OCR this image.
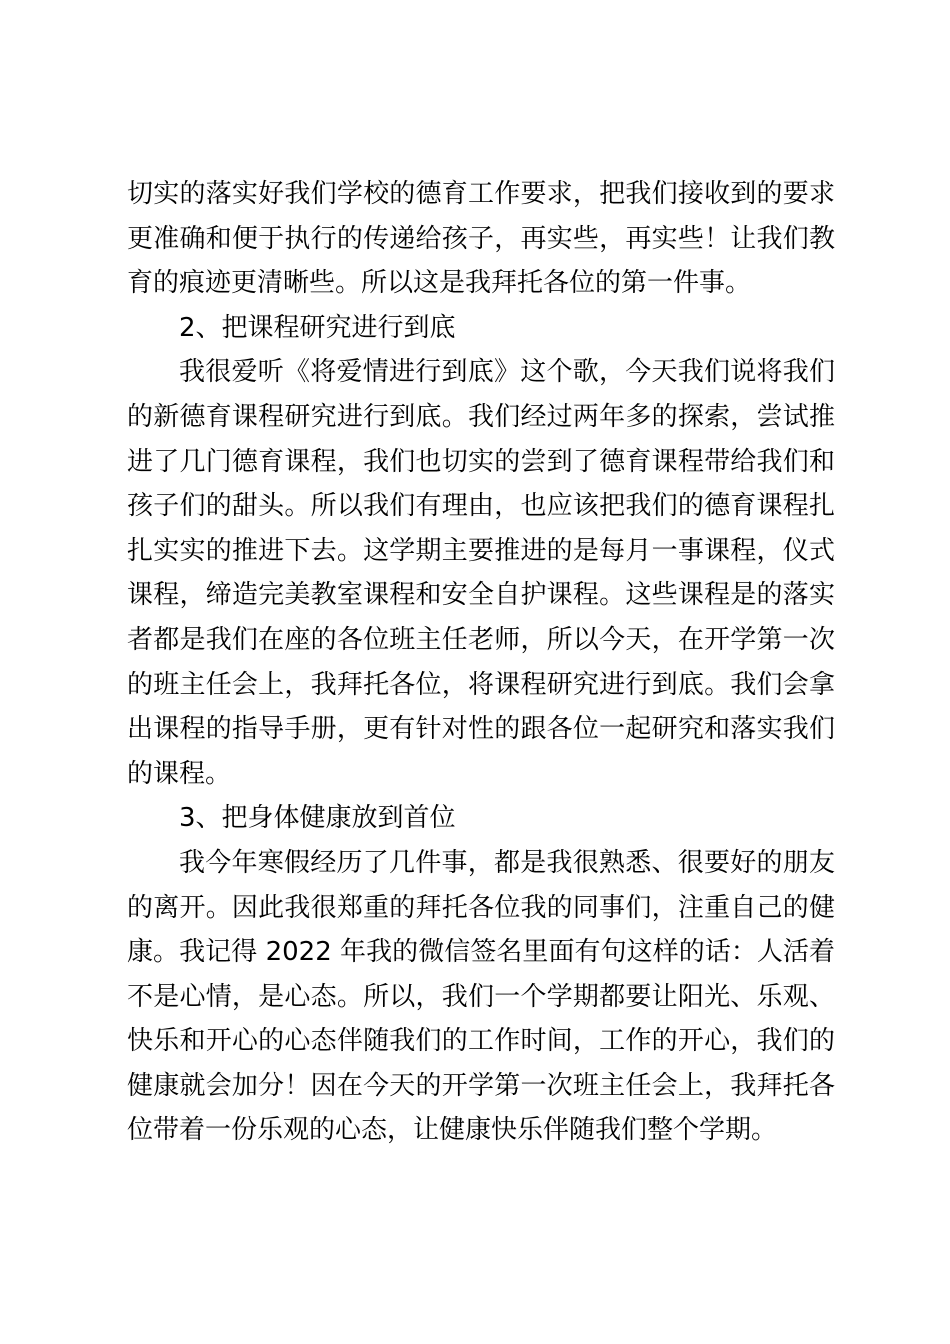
切实的落实好我们学校的德育工作要求，把我们接收到的要求更准确和便于执行的传递给孩子，再实些，再实些！让我们教育的痕迹更清晰些。所以这是我拜托各位的第一件事。

2、把课程研究进行到底

我很爱听《将爱情进行到底》这个歌，今天我们说将我们的新德育课程研究进行到底。我们经过两年多的探索，尝试推进了几门德育课程，我们也切实的尝到了德育课程带给我们和孩子们的甜头。所以我们有理由，也应该把我们的德育课程扎扎实实的推进下去。这学期主要推进的是每月一事课程，仪式课程，缔造完美教室课程和安全自护课程。这些课程是的落实者都是我们在座的各位班主任老师，所以今天，在开学第一次的班主任会上，我拜托各位，将课程研究进行到底。我们会拿出课程的指导手册，更有针对性的跟各位一起研究和落实我们的课程。

3、把身体健康放到首位

我今年寒假经历了几件事，都是我很熟悉、很要好的朋友的离开。因此我很郑重的拜托各位我的同事们，注重自己的健康。我记得 2022 年我的微信签名里面有句这样的话：人活着不是心情，是心态。所以，我们一个学期都要让阳光、乐观、快乐和开心的心态伴随我们的工作时间，工作的开心，我们的健康就会加分！因在今天的开学第一次班主任会上，我拜托各位带着一份乐观的心态，让健康快乐伴随我们整个学期。
